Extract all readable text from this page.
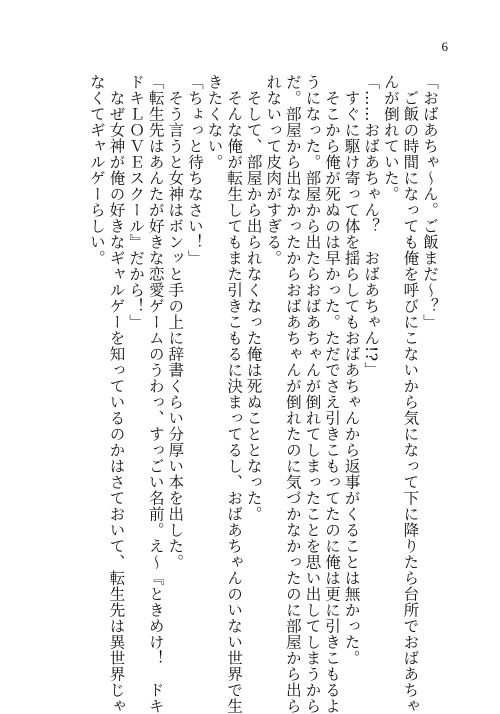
6
「おばあちゃ〜ん。ご飯まだ〜？」
　ご飯の時間になっても俺を呼びにこないから気になって下に降りたら台所でおばあちゃ
んが倒れていた。
「……おばあちゃん？　おばあちゃん!?」
　すぐに駆け寄って体を揺らしてもおばあちゃんから返事がくることは無かった。
　そこから俺が死ぬのは早かった。ただでさえ引きこもってたのに俺は更に引きこもるよ
うになった。部屋から出たらおばあちゃんが倒れてしまったことを思い出してしまうから
だ。部屋から出なかったからおばあちゃんが倒れたのに気づかなかったのに部屋から出ら
れないって皮肉がすぎる。
　そして、部屋から出られなくなった俺は死ぬこととなった。
　そんな俺が転生してもまた引きこもるに決まってるし、おばあちゃんのいない世界で生
きたくない。
「ちょっと待ちなさい！」
　そう言うと女神はボンッと手の上に辞書くらい分厚い本を出した。
「転生先はあんたが好きな恋愛ゲームのうわっ、すっごい名前。え〜『ときめけ！　ドキ
ドキＬＯＶＥスクール』だから！」
　なぜ女神が俺の好きなギャルゲーを知っているのかはさておいて、転生先は異世界じゃ
なくてギャルゲーらしい。
